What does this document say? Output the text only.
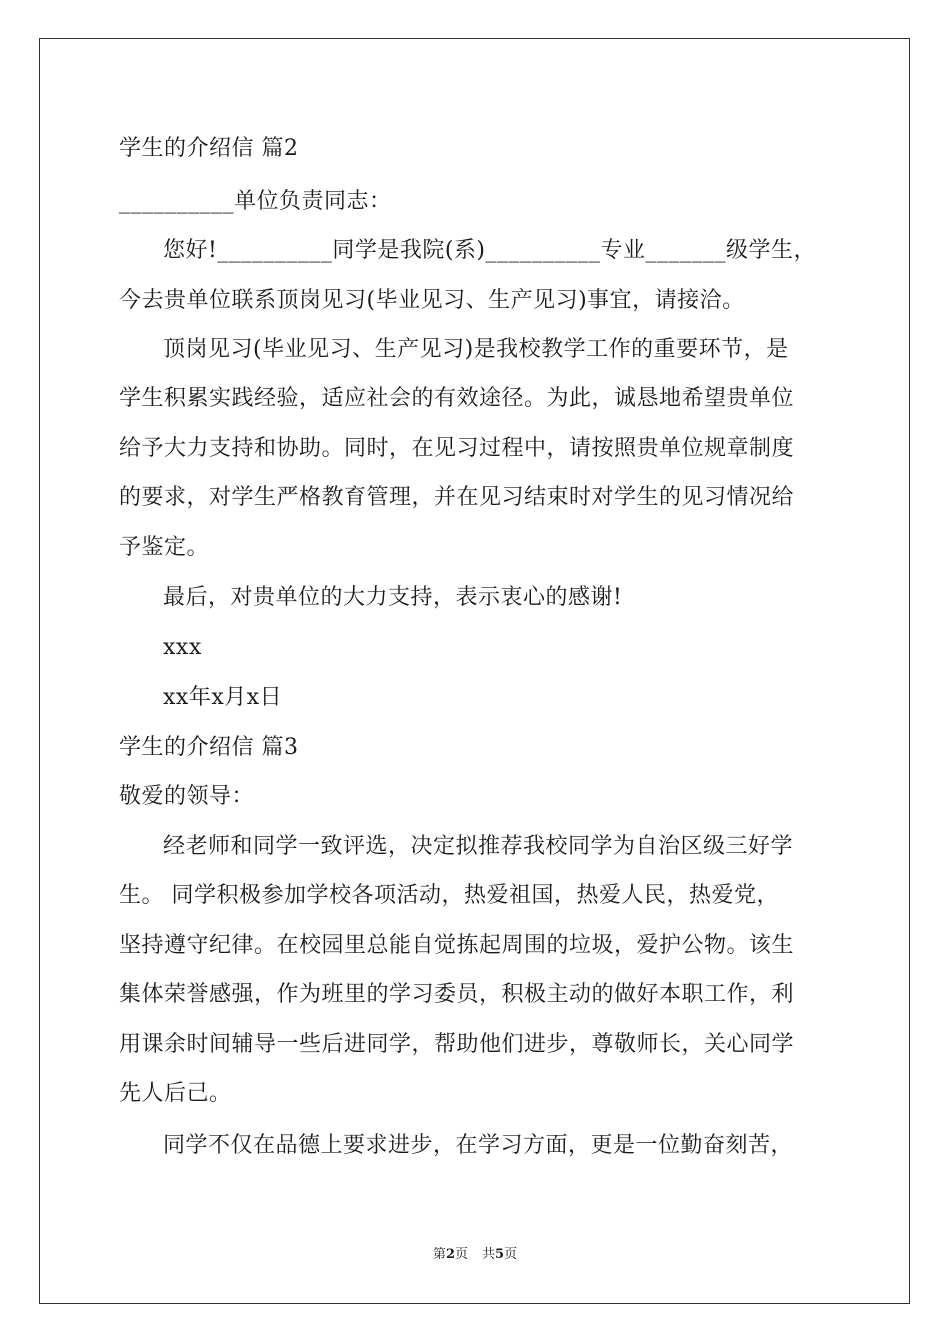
学生的介绍信 篇2
__________单位负责同志：
您好!__________同学是我院(系)__________专业_______级学生，
今去贵单位联系顶岗见习(毕业见习、生产见习)事宜，请接洽。
顶岗见习(毕业见习、生产见习)是我校教学工作的重要环节，是
学生积累实践经验，适应社会的有效途径。为此，诚恳地希望贵单位
给予大力支持和协助。同时，在见习过程中，请按照贵单位规章制度
的要求，对学生严格教育管理，并在见习结束时对学生的见习情况给
予鉴定。
最后，对贵单位的大力支持，表示衷心的感谢!
xxx
xx年x月x日
学生的介绍信 篇3
敬爱的领导：
经老师和同学一致评选，决定拟推荐我校同学为自治区级三好学
生。 同学积极参加学校各项活动，热爱祖国，热爱人民，热爱党，
坚持遵守纪律。在校园里总能自觉拣起周围的垃圾，爱护公物。该生
集体荣誉感强，作为班里的学习委员，积极主动的做好本职工作，利
用课余时间辅导一些后进同学，帮助他们进步，尊敬师长，关心同学
先人后己。
同学不仅在品德上要求进步，在学习方面，更是一位勤奋刻苦，
第2页 共5页
